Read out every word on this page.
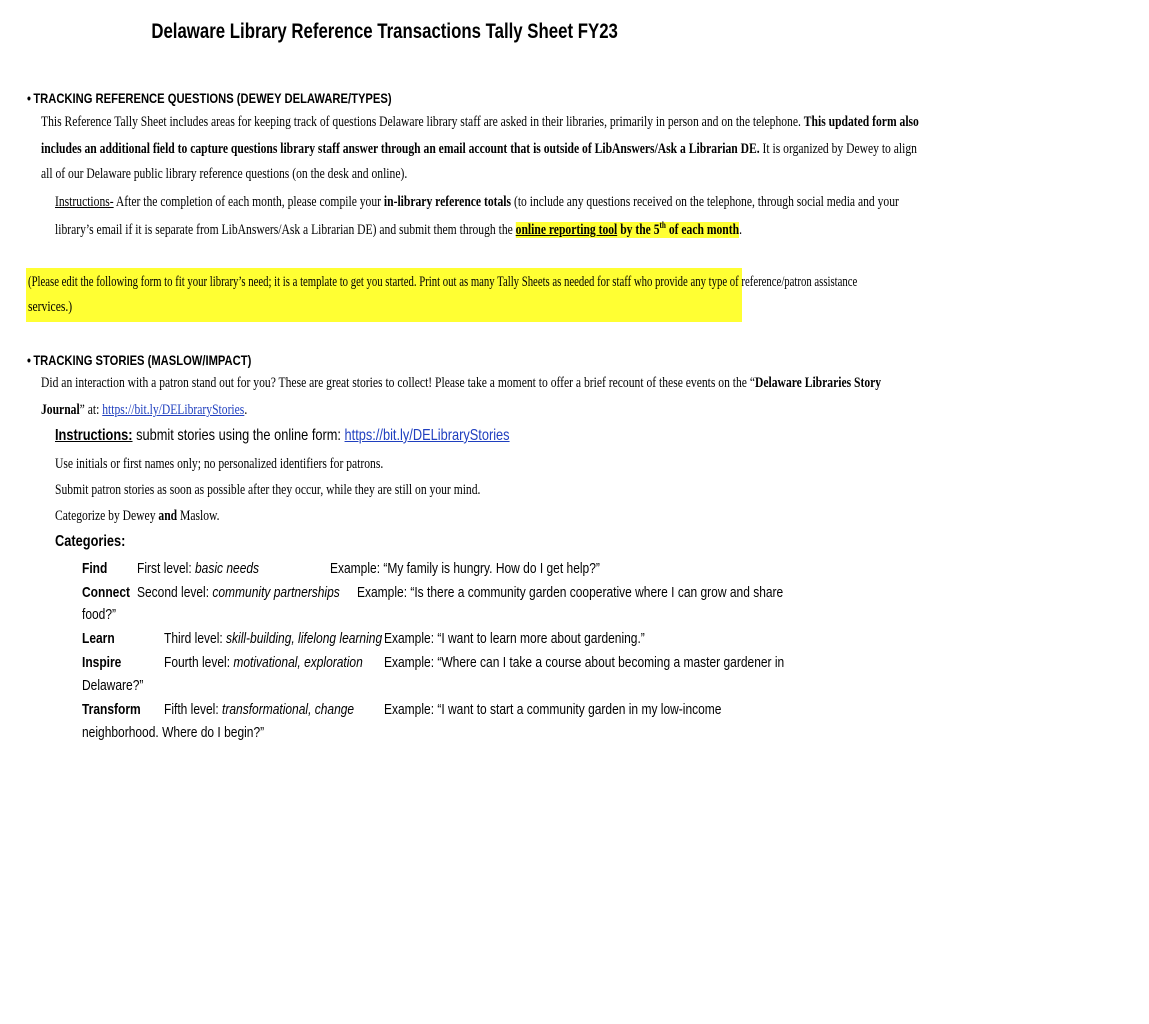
Delaware Library Reference Transactions Tally Sheet FY23
• TRACKING REFERENCE QUESTIONS (DEWEY DELAWARE/TYPES)
This Reference Tally Sheet includes areas for keeping track of questions Delaware library staff are asked in their libraries, primarily in person and on the telephone. This updated form also
includes an additional field to capture questions library staff answer through an email account that is outside of LibAnswers/Ask a Librarian DE. It is organized by Dewey to align
all of our Delaware public library reference questions (on the desk and online).
Instructions- After the completion of each month, please compile your in-library reference totals (to include any questions received on the telephone, through social media and your
library’s email if it is separate from LibAnswers/Ask a Librarian DE) and submit them through the online reporting tool by the 5th of each month.
(Please edit the following form to fit your library’s need; it is a template to get you started. Print out as many Tally Sheets as needed for staff who provide any type of reference/patron assistance
services.)
• TRACKING STORIES (MASLOW/IMPACT)
Did an interaction with a patron stand out for you? These are great stories to collect! Please take a moment to offer a brief recount of these events on the “Delaware Libraries Story
Journal” at: https://bit.ly/DELibraryStories.
Instructions: submit stories using the online form: https://bit.ly/DELibraryStories
Use initials or first names only; no personalized identifiers for patrons.
Submit patron stories as soon as possible after they occur, while they are still on your mind.
Categorize by Dewey and Maslow.
Categories:
Find	First level: basic needs	Example: “My family is hungry. How do I get help?”
Connect Second level: community partnerships	Example: “Is there a community garden cooperative where I can grow and share
food?”
Learn	Third level: skill-building, lifelong learning Example: “I want to learn more about gardening.”
Inspire	Fourth level: motivational, exploration	Example: “Where can I take a course about becoming a master gardener in
Delaware?”
Transform	Fifth level: transformational, change	Example: “I want to start a community garden in my low-income
neighborhood. Where do I begin?”
